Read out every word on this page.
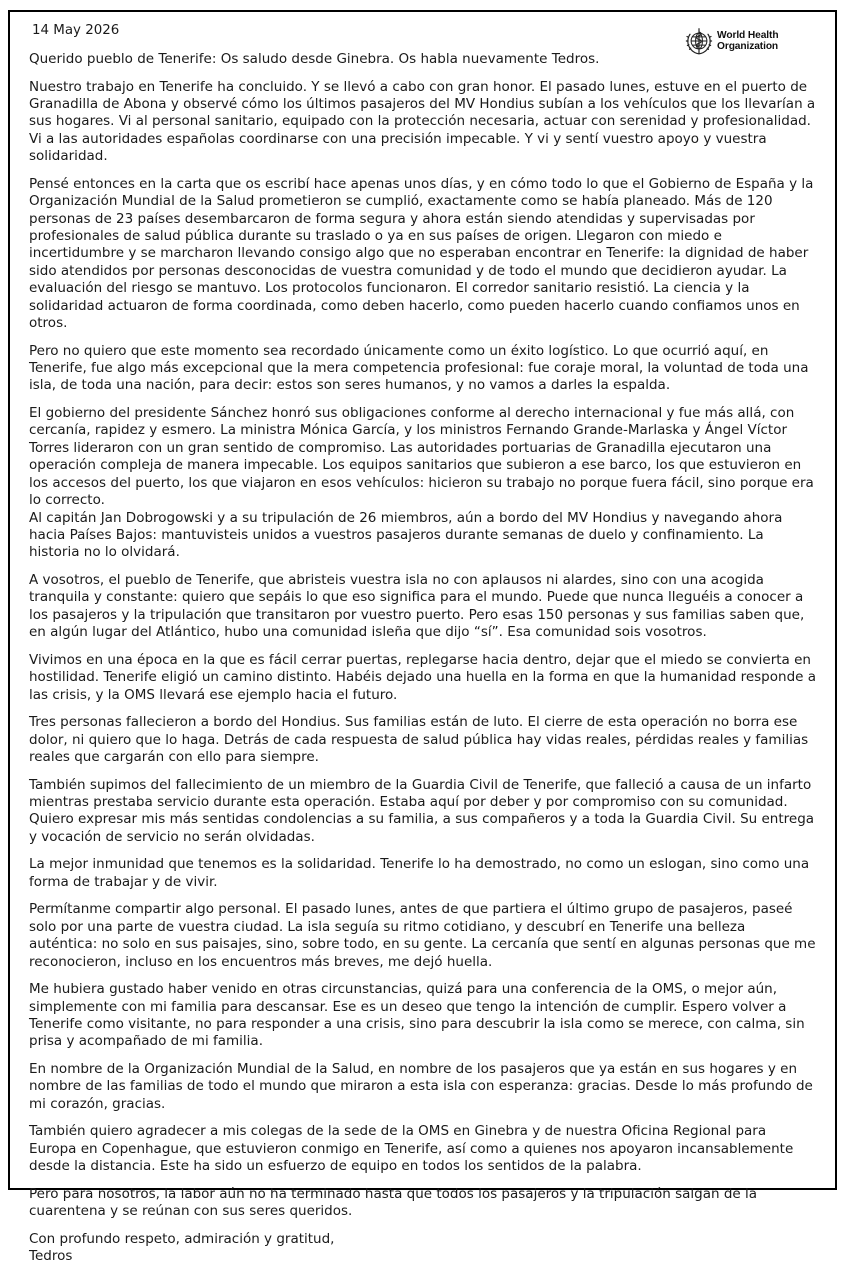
14 May 2026	World Health
Organization

Querido pueblo de Tenerife: Os saludo desde Ginebra. Os habla nuevamente Tedros.

Nuestro trabajo en Tenerife ha concluido. Y se llevó a cabo con gran honor. El pasado lunes, estuve en el puerto de Granadilla de Abona y observé cómo los últimos pasajeros del MV Hondius subían a los vehículos que los llevarían a sus hogares. Vi al personal sanitario, equipado con la protección necesaria, actuar con serenidad y profesionalidad. Vi a las autoridades españolas coordinarse con una precisión impecable. Y vi y sentí vuestro apoyo y vuestra solidaridad.

Pensé entonces en la carta que os escribí hace apenas unos días, y en cómo todo lo que el Gobierno de España y la Organización Mundial de la Salud prometieron se cumplió, exactamente como se había planeado. Más de 120 personas de 23 países desembarcaron de forma segura y ahora están siendo atendidas y supervisadas por profesionales de salud pública durante su traslado o ya en sus países de origen. Llegaron con miedo e incertidumbre y se marcharon llevando consigo algo que no esperaban encontrar en Tenerife: la dignidad de haber sido atendidos por personas desconocidas de vuestra comunidad y de todo el mundo que decidieron ayudar. La evaluación del riesgo se mantuvo. Los protocolos funcionaron. El corredor sanitario resistió. La ciencia y la solidaridad actuaron de forma coordinada, como deben hacerlo, como pueden hacerlo cuando confiamos unos en otros.

Pero no quiero que este momento sea recordado únicamente como un éxito logístico. Lo que ocurrió aquí, en Tenerife, fue algo más excepcional que la mera competencia profesional: fue coraje moral, la voluntad de toda una isla, de toda una nación, para decir: estos son seres humanos, y no vamos a darles la espalda.

El gobierno del presidente Sánchez honró sus obligaciones conforme al derecho internacional y fue más allá, con cercanía, rapidez y esmero. La ministra Mónica García, y los ministros Fernando Grande-Marlaska y Ángel Víctor Torres lideraron con un gran sentido de compromiso. Las autoridades portuarias de Granadilla ejecutaron una operación compleja de manera impecable. Los equipos sanitarios que subieron a ese barco, los que estuvieron en los accesos del puerto, los que viajaron en esos vehículos: hicieron su trabajo no porque fuera fácil, sino porque era lo correcto.

Al capitán Jan Dobrogowski y a su tripulación de 26 miembros, aún a bordo del MV Hondius y navegando ahora hacia Países Bajos: mantuvisteis unidos a vuestros pasajeros durante semanas de duelo y confinamiento. La historia no lo olvidará.

A vosotros, el pueblo de Tenerife, que abristeis vuestra isla no con aplausos ni alardes, sino con una acogida tranquila y constante: quiero que sepáis lo que eso significa para el mundo. Puede que nunca lleguéis a conocer a los pasajeros y la tripulación que transitaron por vuestro puerto. Pero esas 150 personas y sus familias saben que, en algún lugar del Atlántico, hubo una comunidad isleña que dijo “sí”. Esa comunidad sois vosotros.

Vivimos en una época en la que es fácil cerrar puertas, replegarse hacia dentro, dejar que el miedo se convierta en hostilidad. Tenerife eligió un camino distinto. Habéis dejado una huella en la forma en que la humanidad responde a las crisis, y la OMS llevará ese ejemplo hacia el futuro.

Tres personas fallecieron a bordo del Hondius. Sus familias están de luto. El cierre de esta operación no borra ese dolor, ni quiero que lo haga. Detrás de cada respuesta de salud pública hay vidas reales, pérdidas reales y familias reales que cargarán con ello para siempre.

También supimos del fallecimiento de un miembro de la Guardia Civil de Tenerife, que falleció a causa de un infarto mientras prestaba servicio durante esta operación. Estaba aquí por deber y por compromiso con su comunidad. Quiero expresar mis más sentidas condolencias a su familia, a sus compañeros y a toda la Guardia Civil. Su entrega y vocación de servicio no serán olvidadas.

La mejor inmunidad que tenemos es la solidaridad. Tenerife lo ha demostrado, no como un eslogan, sino como una forma de trabajar y de vivir.

Permítanme compartir algo personal. El pasado lunes, antes de que partiera el último grupo de pasajeros, paseé solo por una parte de vuestra ciudad. La isla seguía su ritmo cotidiano, y descubrí en Tenerife una belleza auténtica: no solo en sus paisajes, sino, sobre todo, en su gente. La cercanía que sentí en algunas personas que me reconocieron, incluso en los encuentros más breves, me dejó huella.

Me hubiera gustado haber venido en otras circunstancias, quizá para una conferencia de la OMS, o mejor aún, simplemente con mi familia para descansar. Ese es un deseo que tengo la intención de cumplir. Espero volver a Tenerife como visitante, no para responder a una crisis, sino para descubrir la isla como se merece, con calma, sin prisa y acompañado de mi familia.

En nombre de la Organización Mundial de la Salud, en nombre de los pasajeros que ya están en sus hogares y en nombre de las familias de todo el mundo que miraron a esta isla con esperanza: gracias. Desde lo más profundo de mi corazón, gracias.

También quiero agradecer a mis colegas de la sede de la OMS en Ginebra y de nuestra Oficina Regional para Europa en Copenhague, que estuvieron conmigo en Tenerife, así como a quienes nos apoyaron incansablemente desde la distancia. Este ha sido un esfuerzo de equipo en todos los sentidos de la palabra.

Pero para nosotros, la labor aún no ha terminado hasta que todos los pasajeros y la tripulación salgan de la cuarentena y se reúnan con sus seres queridos.

Con profundo respeto, admiración y gratitud,

Tedros
